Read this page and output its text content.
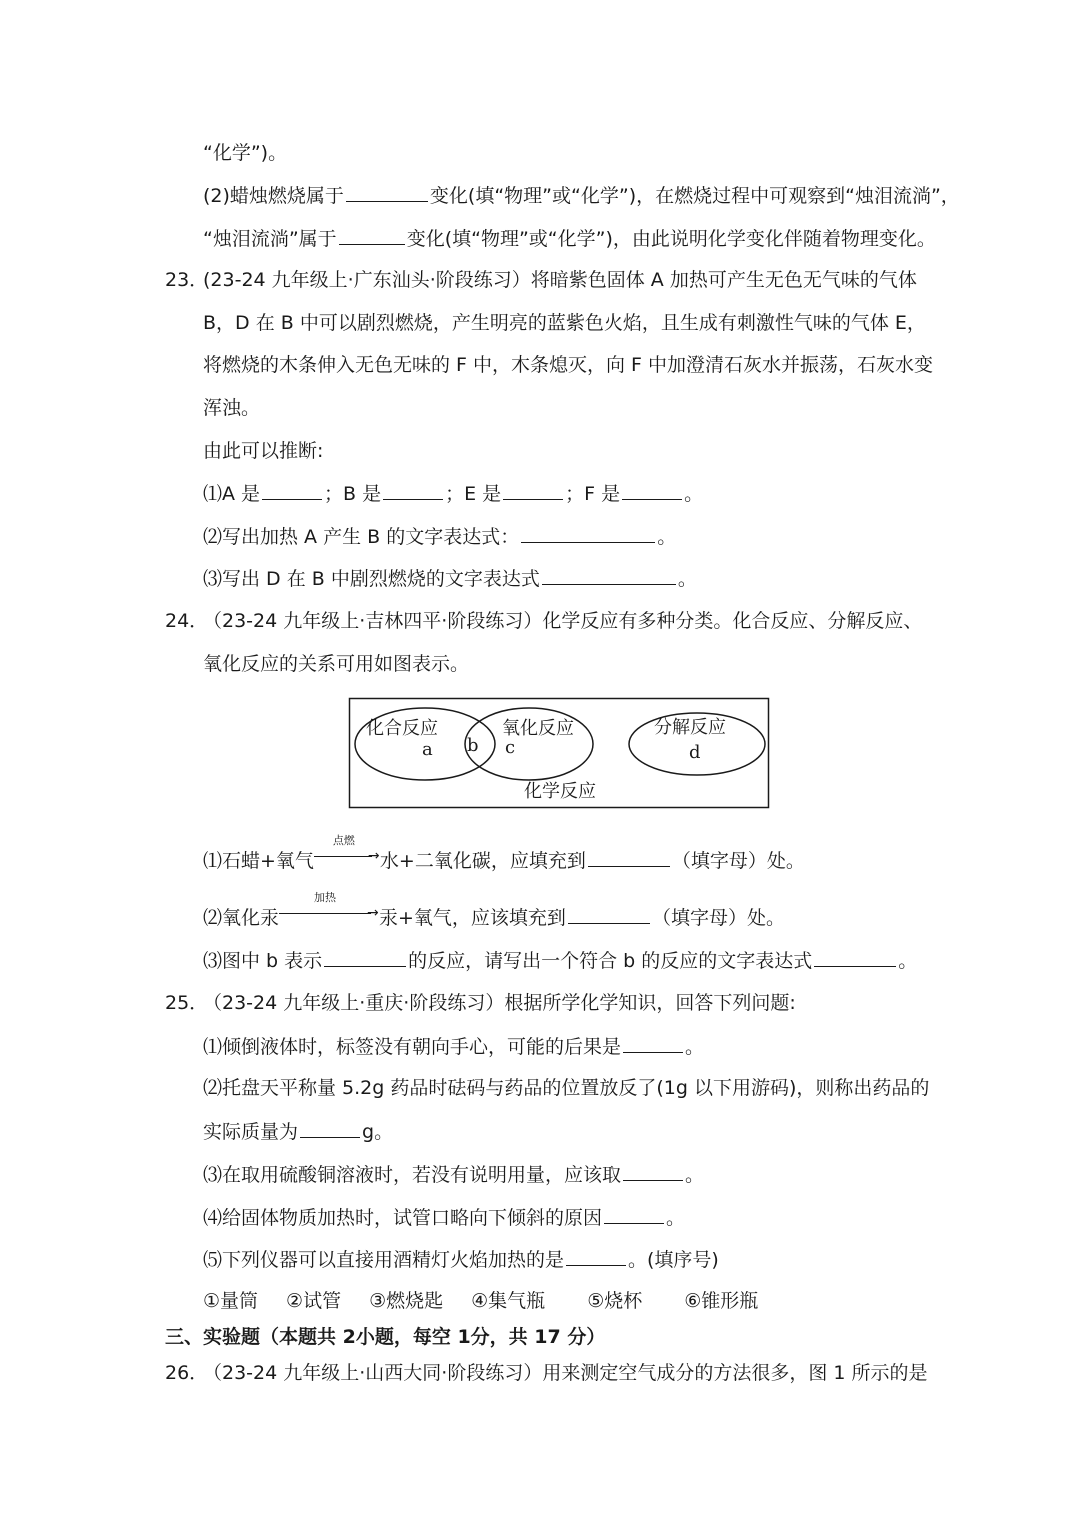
“化学”)。
(2)蜡烛燃烧属于	变化(填“物理”或“化学”)，在燃烧过程中可观察到“烛泪流淌”，
“烛泪流淌”属于	变化(填“物理”或“化学”)，由此说明化学变化伴随着物理变化。
23．(23-24 九年级上·广东汕头·阶段练习）将暗紫色固体 A 加热可产生无色无气味的气体
B，D 在 B 中可以剧烈燃烧，产生明亮的蓝紫色火焰，且生成有刺激性气味的气体 E，
将燃烧的木条伸入无色无味的 F 中，木条熄灭，向 F 中加澄清石灰水并振荡，石灰水变
浑浊。
由此可以推断:
⑴A 是	；B 是	；E 是	；F 是	。
⑵写出加热 A 产生 B 的文字表达式：	。
⑶写出 D 在 B 中剧烈燃烧的文字表达式	。
24．（23-24 九年级上·吉林四平·阶段练习）化学反应有多种分类。化合反应、分解反应、
氧化反应的关系可用如图表示。
化合反应
a b
氧化反应
c
分解反应
d
化学反应
⑴石蜡+氧气
点燃
→ 水+二氧化碳，应填充到	（填字母）处。
⑵氧化汞
加热
→ 汞+氧气，应该填充到	（填字母）处。
⑶图中 b 表示	的反应，请写出一个符合 b 的反应的文字表达式	。
25．（23-24 九年级上·重庆·阶段练习）根据所学化学知识，回答下列问题:
⑴倾倒液体时，标签没有朝向手心，可能的后果是	。
⑵托盘天平称量 5.2g 药品时砝码与药品的位置放反了(1g 以下用游码)，则称出药品的
实际质量为	g。
⑶在取用硫酸铜溶液时，若没有说明用量，应该取	。
⑷给固体物质加热时，试管口略向下倾斜的原因	。
⑸下列仪器可以直接用酒精灯火焰加热的是	。(填序号)
①量筒 ②试管 ③燃烧匙 ④集气瓶 ⑤烧杯 ⑥锥形瓶
三、实验题（本题共 2小题，每空 1分，共 17 分）
26．（23-24 九年级上·山西大同·阶段练习）用来测定空气成分的方法很多，图 1 所示的是
